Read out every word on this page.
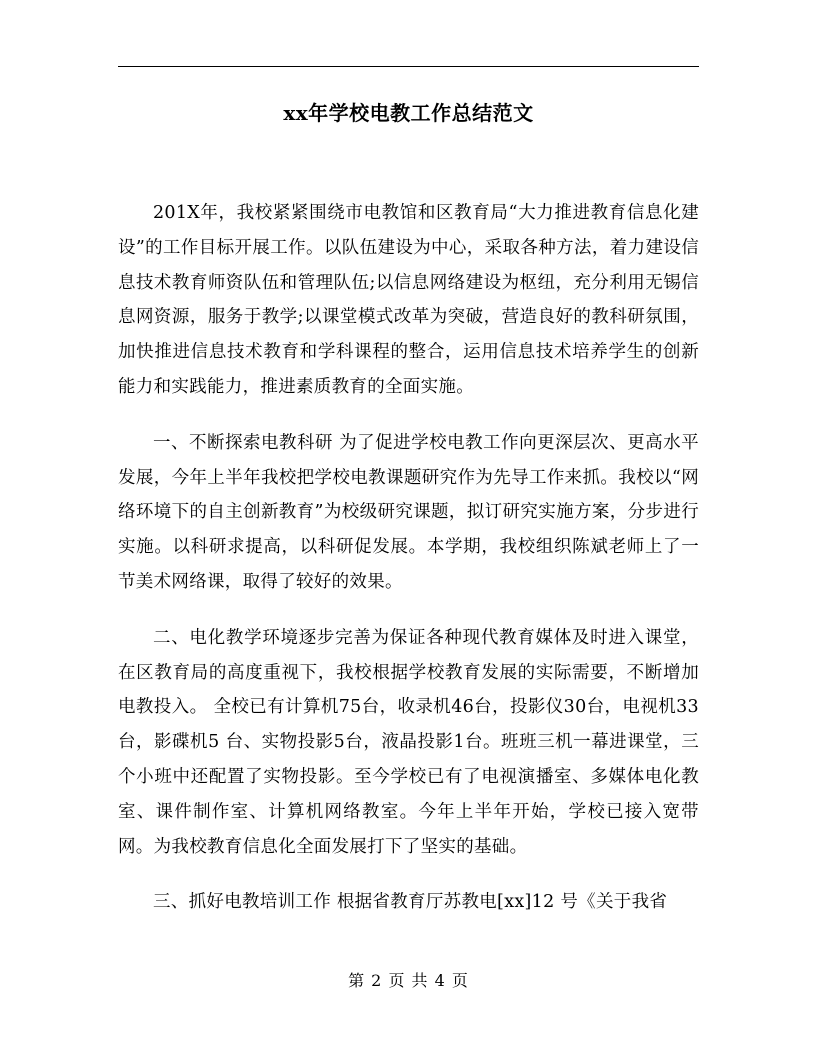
xx年学校电教工作总结范文

201X年，我校紧紧围绕市电教馆和区教育局“大力推进教育信息化建设”的工作目标开展工作。以队伍建设为中心，采取各种方法，着力建设信息技术教育师资队伍和管理队伍;以信息网络建设为枢纽，充分利用无锡信息网资源，服务于教学;以课堂模式改革为突破，营造良好的教科研氛围，加快推进信息技术教育和学科课程的整合，运用信息技术培养学生的创新能力和实践能力，推进素质教育的全面实施。

一、不断探索电教科研 为了促进学校电教工作向更深层次、更高水平发展，今年上半年我校把学校电教课题研究作为先导工作来抓。我校以“网络环境下的自主创新教育”为校级研究课题，拟订研究实施方案，分步进行实施。以科研求提高，以科研促发展。本学期，我校组织陈斌老师上了一节美术网络课，取得了较好的效果。

二、电化教学环境逐步完善为保证各种现代教育媒体及时进入课堂，在区教育局的高度重视下，我校根据学校教育发展的实际需要，不断增加电教投入。 全校已有计算机75台，收录机46台，投影仪30台，电视机33台，影碟机5 台、实物投影5台，液晶投影1台。班班三机一幕进课堂，三个小班中还配置了实物投影。至今学校已有了电视演播室、多媒体电化教室、课件制作室、计算机网络教室。今年上半年开始，学校已接入宽带网。为我校教育信息化全面发展打下了坚实的基础。

三、抓好电教培训工作 根据省教育厅苏教电[xx]12 号《关于我省

第 2 页 共 4 页
